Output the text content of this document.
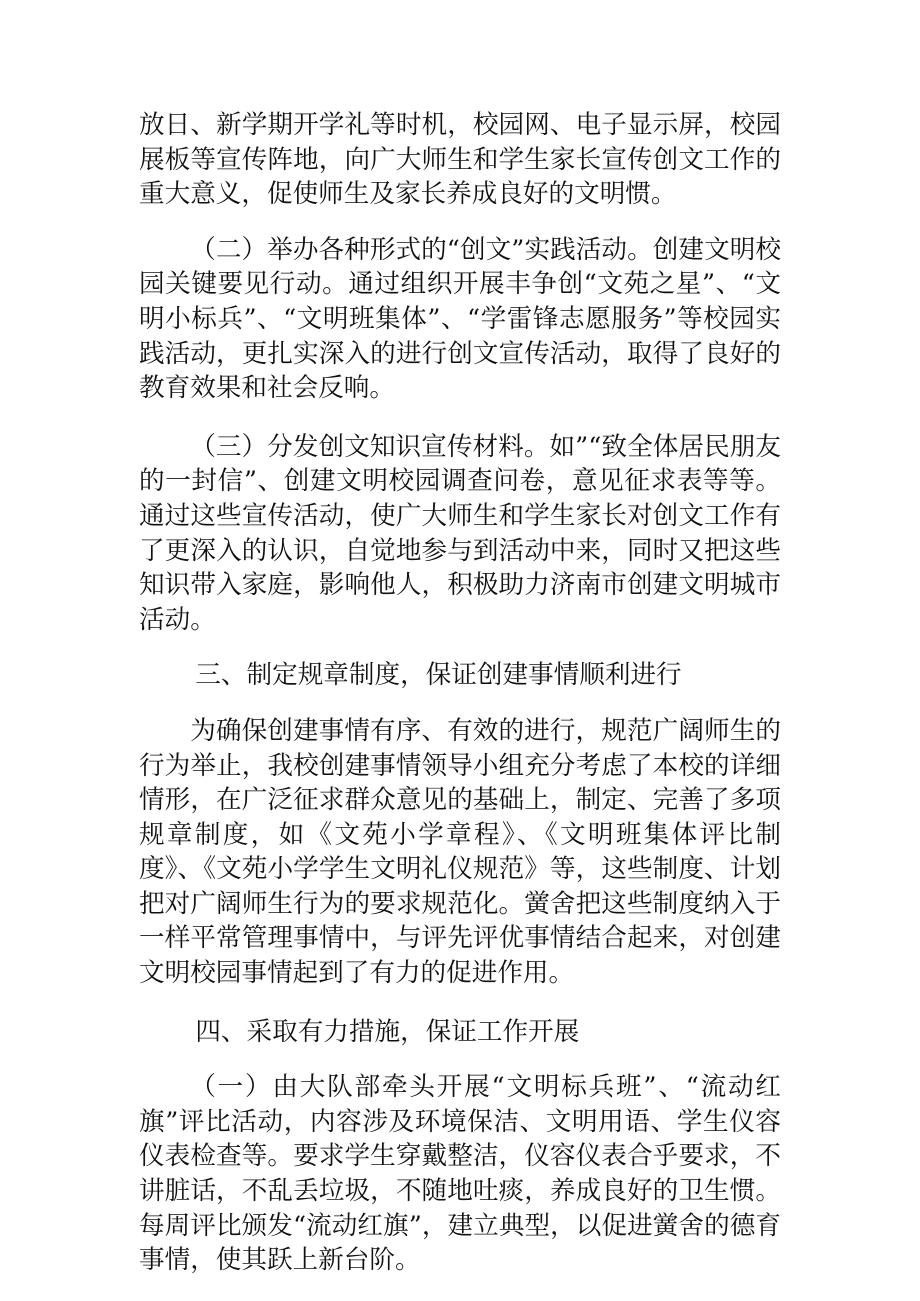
放日、新学期开学礼等时机，校园网、电子显示屏，校园展板等宣传阵地，向广大师生和学生家长宣传创文工作的重大意义，促使师生及家长养成良好的文明惯。

（二）举办各种形式的“创文”实践活动。创建文明校园关键要见行动。通过组织开展丰争创“文苑之星”、“文明小标兵”、“文明班集体”、“学雷锋志愿服务”等校园实践活动，更扎实深入的进行创文宣传活动，取得了良好的教育效果和社会反响。

（三）分发创文知识宣传材料。如”“致全体居民朋友的一封信”、创建文明校园调查问卷，意见征求表等等。通过这些宣传活动，使广大师生和学生家长对创文工作有了更深入的认识，自觉地参与到活动中来，同时又把这些知识带入家庭，影响他人，积极助力济南市创建文明城市活动。

三、制定规章制度，保证创建事情顺利进行

为确保创建事情有序、有效的进行，规范广阔师生的行为举止，我校创建事情领导小组充分考虑了本校的详细情形，在广泛征求群众意见的基础上，制定、完善了多项规章制度，如《文苑小学章程》、《文明班集体评比制度》、《文苑小学学生文明礼仪规范》等，这些制度、计划把对广阔师生行为的要求规范化。黉舍把这些制度纳入于一样平常管理事情中，与评先评优事情结合起来，对创建文明校园事情起到了有力的促进作用。

四、采取有力措施，保证工作开展

（一）由大队部牵头开展“文明标兵班”、“流动红旗”评比活动，内容涉及环境保洁、文明用语、学生仪容仪表检查等。要求学生穿戴整洁，仪容仪表合乎要求，不讲脏话，不乱丢垃圾，不随地吐痰，养成良好的卫生惯。每周评比颁发“流动红旗”，建立典型，以促进黉舍的德育事情，使其跃上新台阶。
